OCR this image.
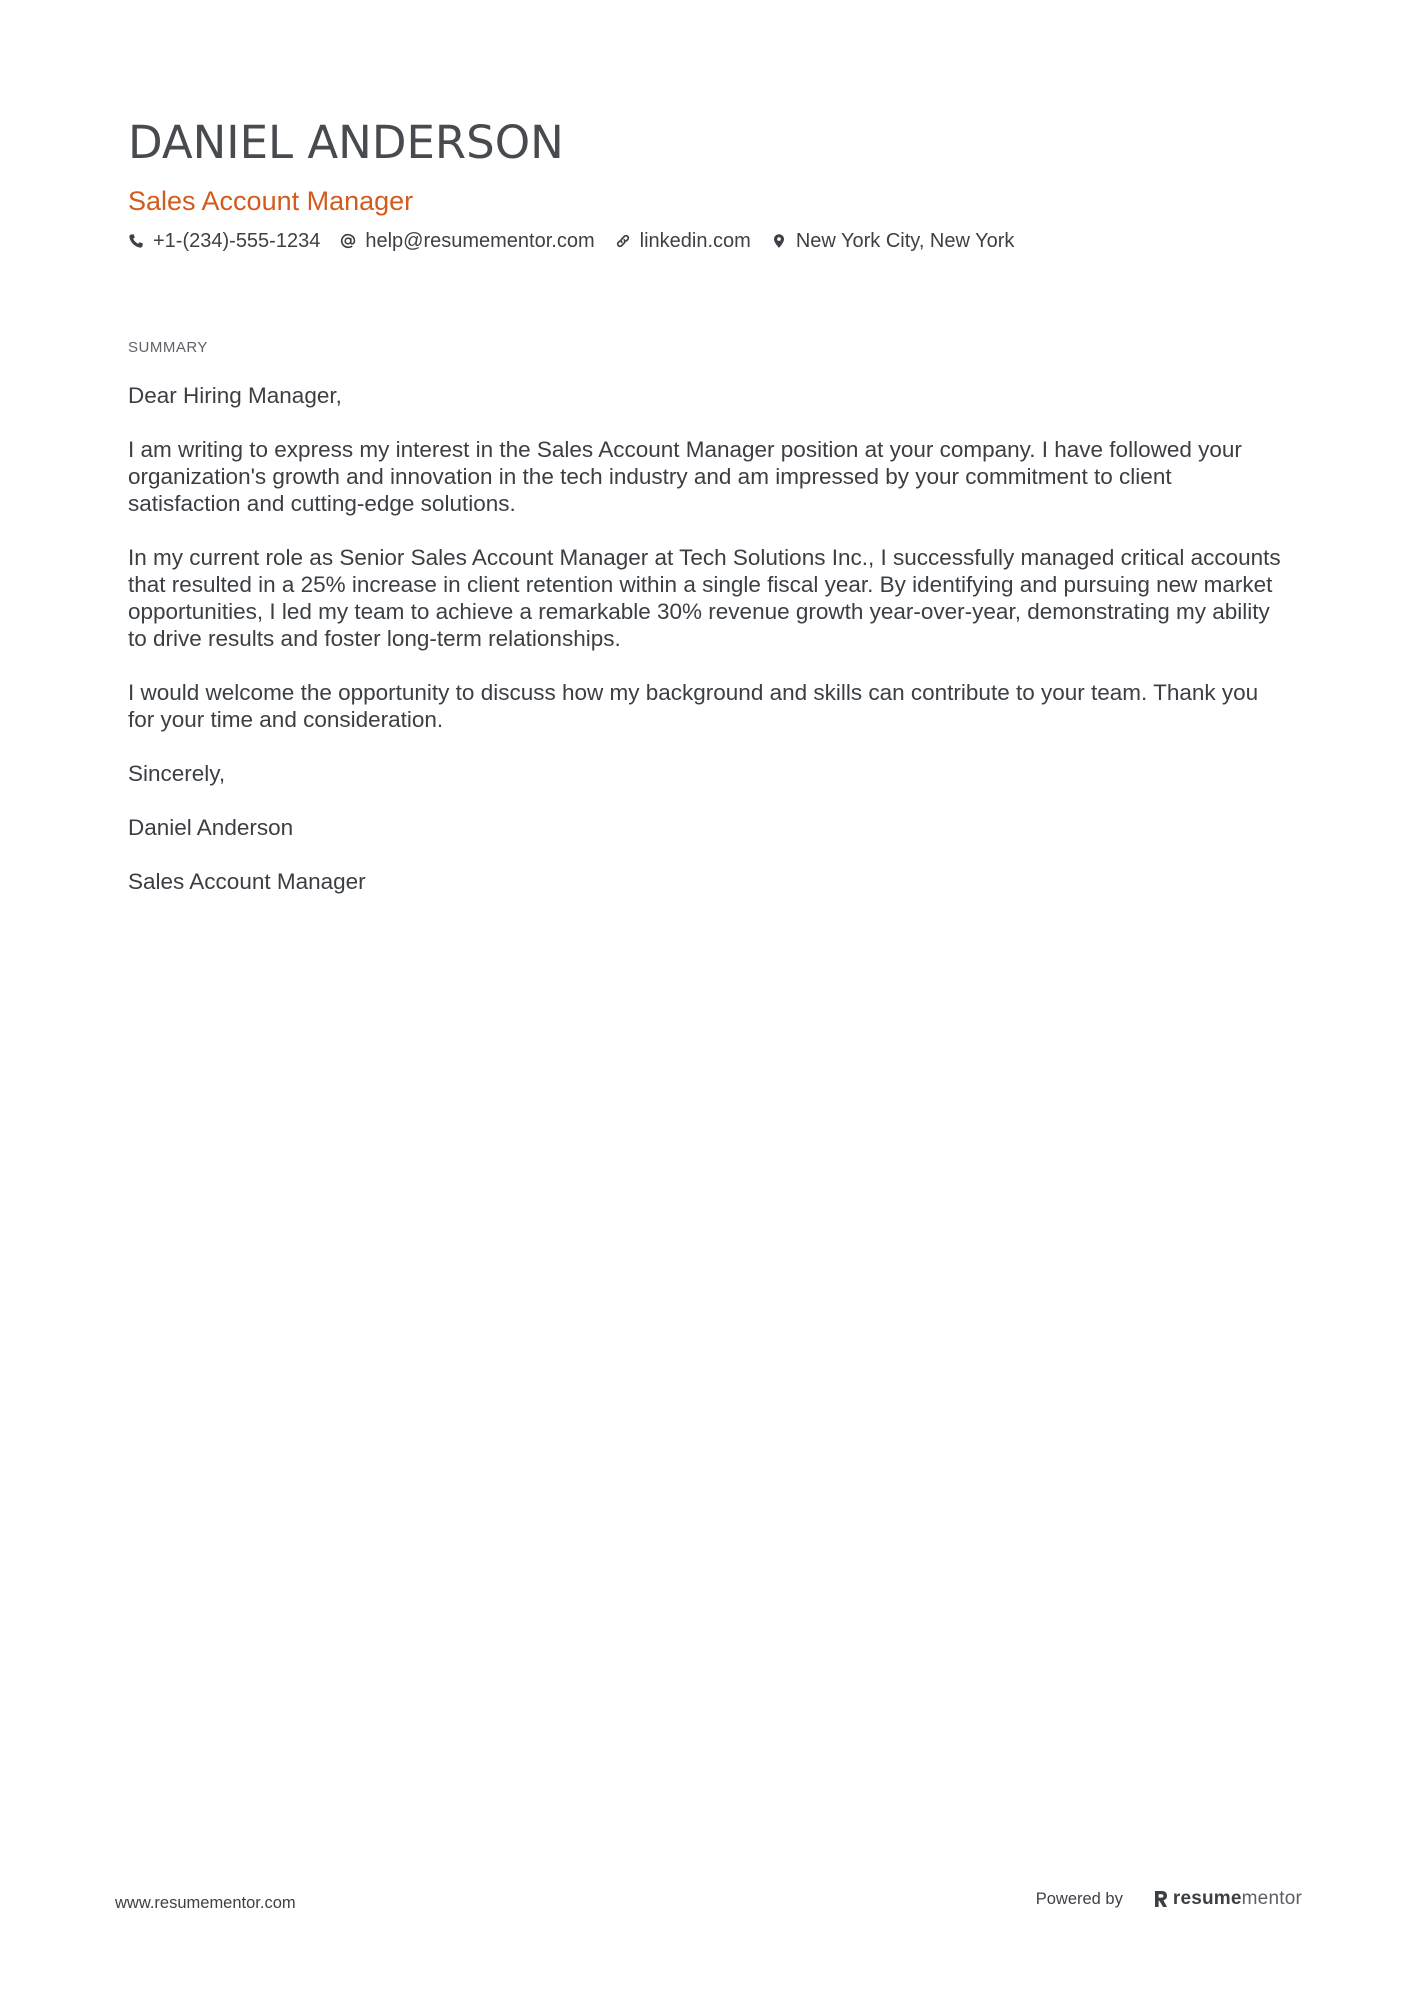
DANIEL ANDERSON
Sales Account Manager
+1-(234)-555-1234 help@resumementor.com linkedin.com New York City, New York
SUMMARY

Dear Hiring Manager,

I am writing to express my interest in the Sales Account Manager position at your company. I have followed your organization's growth and innovation in the tech industry and am impressed by your commitment to client satisfaction and cutting-edge solutions.

In my current role as Senior Sales Account Manager at Tech Solutions Inc., I successfully managed critical accounts that resulted in a 25% increase in client retention within a single fiscal year. By identifying and pursuing new market opportunities, I led my team to achieve a remarkable 30% revenue growth year-over-year, demonstrating my ability to drive results and foster long-term relationships.

I would welcome the opportunity to discuss how my background and skills can contribute to your team. Thank you for your time and consideration.

Sincerely,

Daniel Anderson

Sales Account Manager

www.resumementor.com	Powered by	resume mentor
